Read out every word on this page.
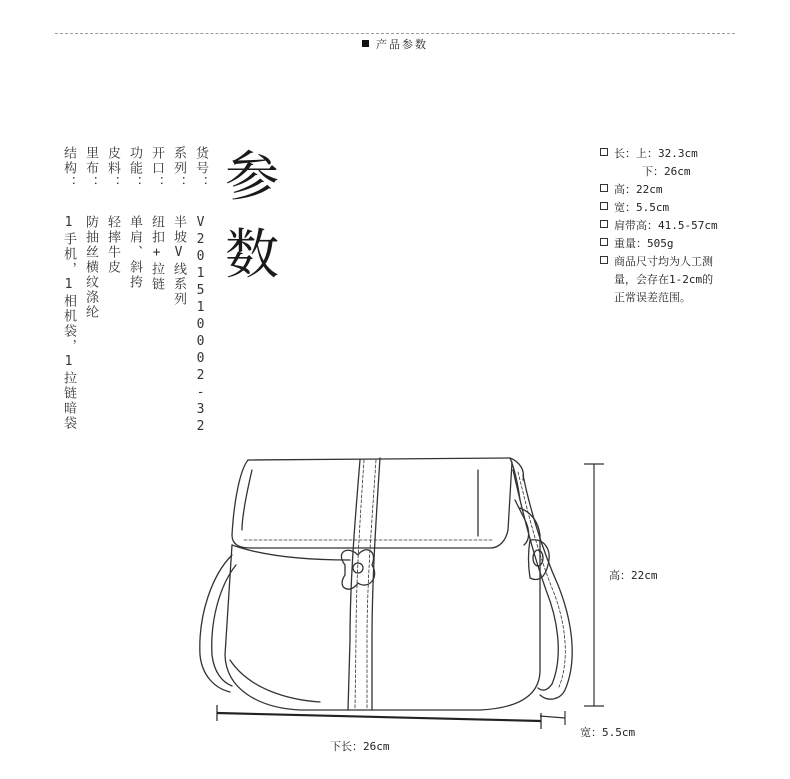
产品参数
货号：V201510002-32
系列：半坡V线系列
开口：纽扣+拉链
功能：单肩、斜挎
皮料：轻摔牛皮
里布：防抽丝横纹涤纶
结构：1手机，1相机袋，1拉链暗袋
参
数
长：上：32.3cm
下：26cm
高：22cm
宽：5.5cm
肩带高：41.5-57cm
重量：505g
商品尺寸均为人工测
量，会存在1-2cm的
正常误差范围。
高：22cm
宽：5.5cm
下长：26cm
